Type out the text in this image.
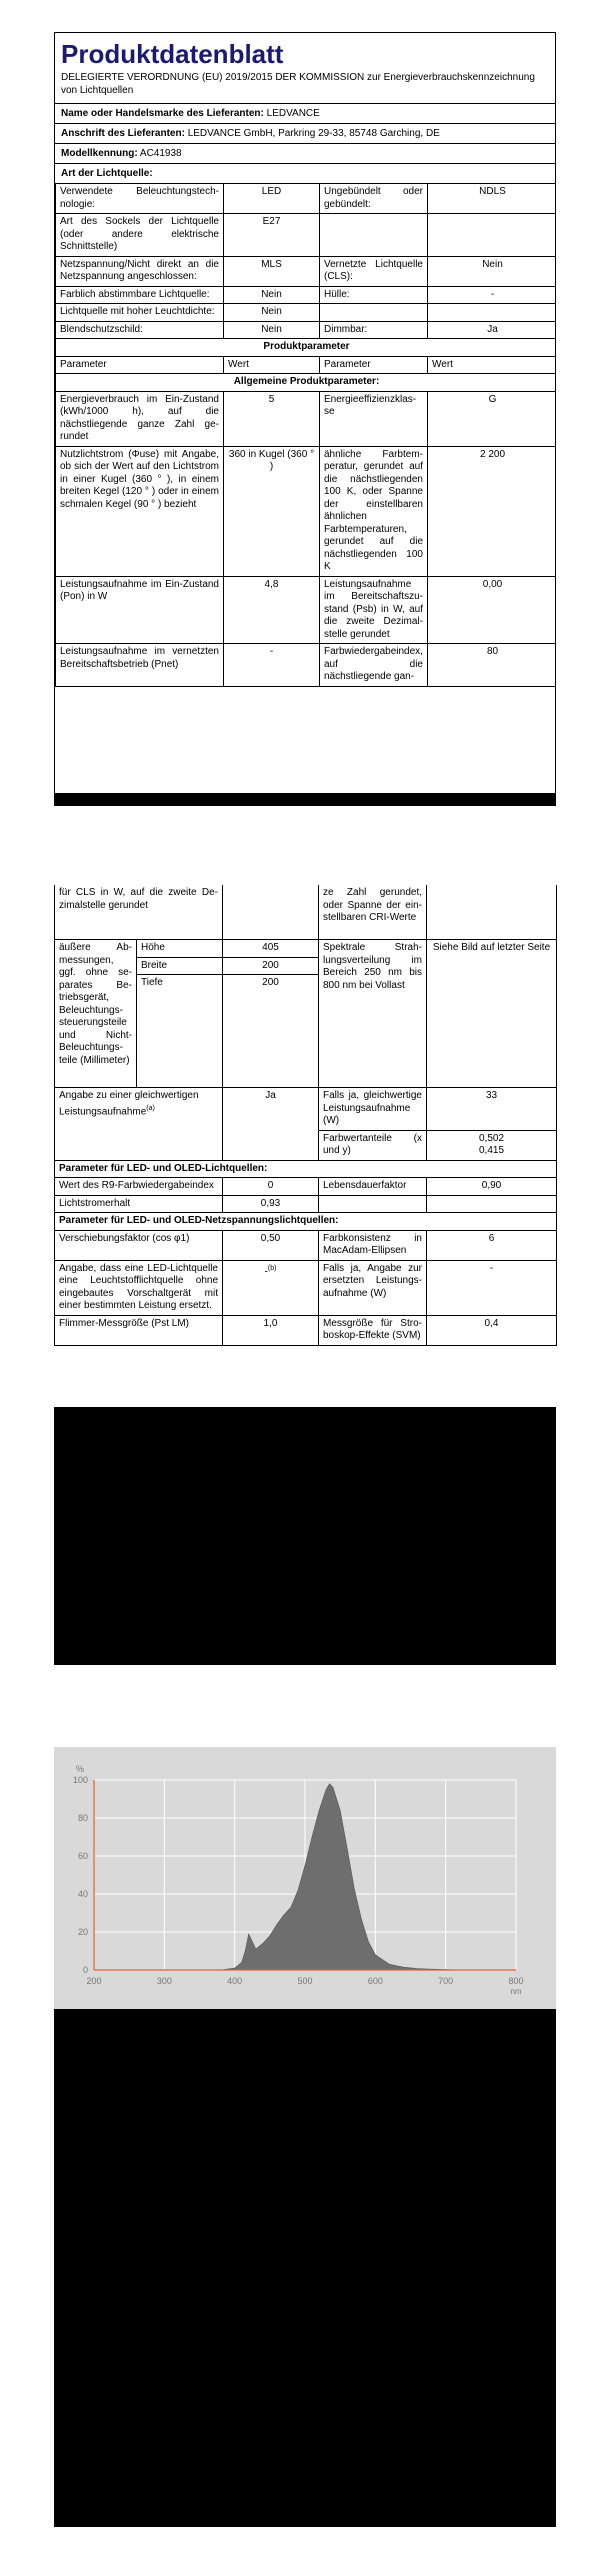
Produktdatenblatt
DELEGIERTE VERORDNUNG (EU) 2019/2015 DER KOMMISSION zur Energieverbrauchskennzeichnung von Lichtquellen
Name oder Handelsmarke des Lieferanten: LEDVANCE
Anschrift des Lieferanten: LEDVANCE GmbH, Parkring 29-33, 85748 Garching, DE
Modellkennung: AC41938
Art der Lichtquelle:
Verwendete Beleuchtungstechnologie:	LED	Ungebündelt oder gebündelt:	NDLS
Art des Sockels der Lichtquelle (oder andere elektrische Schnittstelle)	E27		
Netzspannung/Nicht direkt an die Netzspannung angeschlossen:	MLS	Vernetzte Lichtquelle (CLS):	Nein
Farblich abstimmbare Lichtquelle:	Nein	Hülle:	-
Lichtquelle mit hoher Leuchtdichte:	Nein		
Blendschutzschild:	Nein	Dimmbar:	Ja
Produktparameter			
Parameter	Wert	Parameter	Wert
Allgemeine Produktparameter:			
Energieverbrauch im Ein-Zustand (kWh/1000 h), auf die nächstliegende ganze Zahl gerundet	5	Energieeffizienzklasse	G
Nutzlichtstrom (Φuse) mit Angabe, ob sich der Wert auf den Lichtstrom in einer Kugel (360 ° ), in einem breiten Kegel (120 ° ) oder in einem schmalen Kegel (90 ° ) bezieht	360 in Kugel (360 ° )	ähnliche Farbtemperatur, gerundet auf die nächstliegenden 100 K, oder Spanne der einstellbaren ähnlichen Farbtemperaturen, gerundet auf die nächstliegenden 100 K	2 200
Leistungsaufnahme im Ein-Zustand (Pon) in W	4,8	Leistungsaufnahme im Bereitschaftszustand (Psb) in W, auf die zweite Dezimalstelle gerundet	0,00
Leistungsaufnahme im vernetzten Bereitschaftsbetrieb (Pnet)	-	Farbwiedergabeindex, auf die nächstliegende gan-	80
für CLS in W, auf die zweite Dezimalstelle gerundet			ze Zahl gerundet, oder Spanne der einstellbaren CRI-Werte	
äußere Abmessungen, ggf. ohne separates Betriebsgerät, Beleuchtungssteuerungsteile und Nicht-Beleuchtungsteile (Millimeter)	Höhe	405	Spektrale Strahlungsverteilung im Bereich 250 nm bis 800 nm bei Vollast	Siehe Bild auf letzter Seite
	Breite	200		
	Tiefe	200		
Angabe zu einer gleichwertigen Leistungsaufnahme$^{(a)}$		Ja	Falls ja, gleichwertige Leistungsaufnahme (W)	33
			Farbwertanteile (x und y)	0,502
0,415

Parameter für LED- und OLED-Lichtquellen:				
Wert des R9-Farbwiedergabeindex		0	Lebensdauerfaktor	0,90
Lichtstromerhalt		0,93		
Parameter für LED- und OLED-Netzspannungslichtquellen:				
Verschiebungsfaktor (cos φ1)		0,50	Farbkonsistenz in MacAdam-Ellipsen	6
Angabe, dass eine LED-Lichtquelle eine Leuchtstofflichtquelle ohne eingebautes Vorschaltgerät mit einer bestimmten Leistung ersetzt.		-$^{(b)}$	Falls ja, Angabe zur ersetzten Leistungsaufnahme (W)	-
Flimmer-Messgröße (Pst LM)		1,0	Messgröße für Stroboskop-Effekte (SVM)	0,4
0
20
40
60
80
100
200	300	400	500	600	700	800
%
nm
